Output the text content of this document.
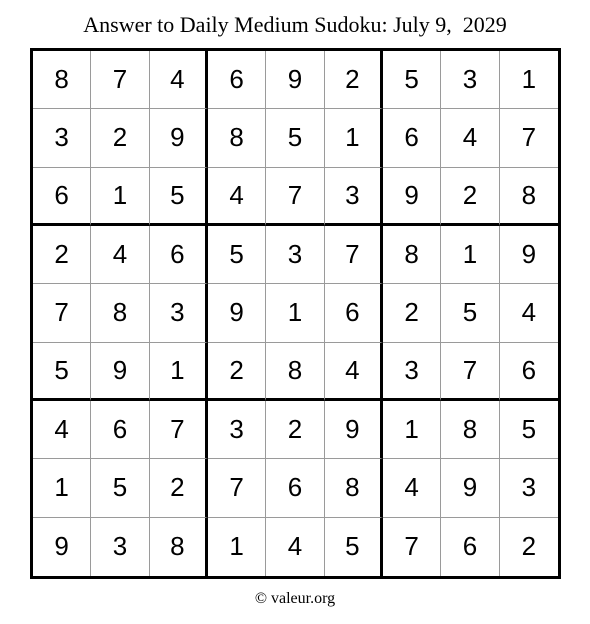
Answer to Daily Medium Sudoku: July 9,  2029
8	7	4	6	9	2	5	3	1
3	2	9	8	5	1	6	4	7
6	1	5	4	7	3	9	2	8
2	4	6	5	3	7	8	1	9
7	8	3	9	1	6	2	5	4
5	9	1	2	8	4	3	7	6
4	6	7	3	2	9	1	8	5
1	5	2	7	6	8	4	9	3
9	3	8	1	4	5	7	6	2
© valeur.org
